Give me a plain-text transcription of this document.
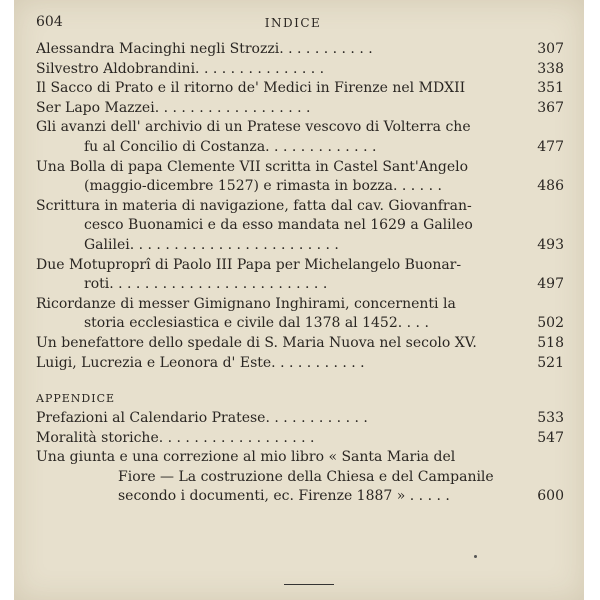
604	INDICE
Alessandra Macinghi negli Strozzi. . . . . . . . . . .	307
Silvestro Aldobrandini. . . . . . . . . . . . . . .	338
Il Sacco di Prato e il ritorno de' Medici in Firenze nel MDXII	351
Ser Lapo Mazzei. . . . . . . . . . . . . . . . . .	367
Gli avanzi dell' archivio di un Pratese vescovo di Volterra che
fu al Concilio di Costanza. . . . . . . . . . . . .	477
Una Bolla di papa Clemente VII scritta in Castel Sant'Angelo
(maggio-dicembre 1527) e rimasta in bozza. . . . . .	486
Scrittura in materia di navigazione, fatta dal cav. Giovanfran-
cesco Buonamici e da esso mandata nel 1629 a Galileo
Galilei. . . . . . . . . . . . . . . . . . . . . . . .	493
Due Motuproprî di Paolo III Papa per Michelangelo Buonar-
roti. . . . . . . . . . . . . . . . . . . . . . . . .	497
Ricordanze di messer Gimignano Inghirami, concernenti la
storia ecclesiastica e civile dal 1378 al 1452. . . .	502
Un benefattore dello spedale di S. Maria Nuova nel secolo XV.	518
Luigi, Lucrezia e Leonora d' Este. . . . . . . . . . .	521
APPENDICE
Prefazioni al Calendario Pratese. . . . . . . . . . . .	533
Moralità storiche. . . . . . . . . . . . . . . . . .	547
Una giunta e una correzione al mio libro « Santa Maria del
Fiore — La costruzione della Chiesa e del Campanile
secondo i documenti, ec. Firenze 1887 » . . . . .	600
